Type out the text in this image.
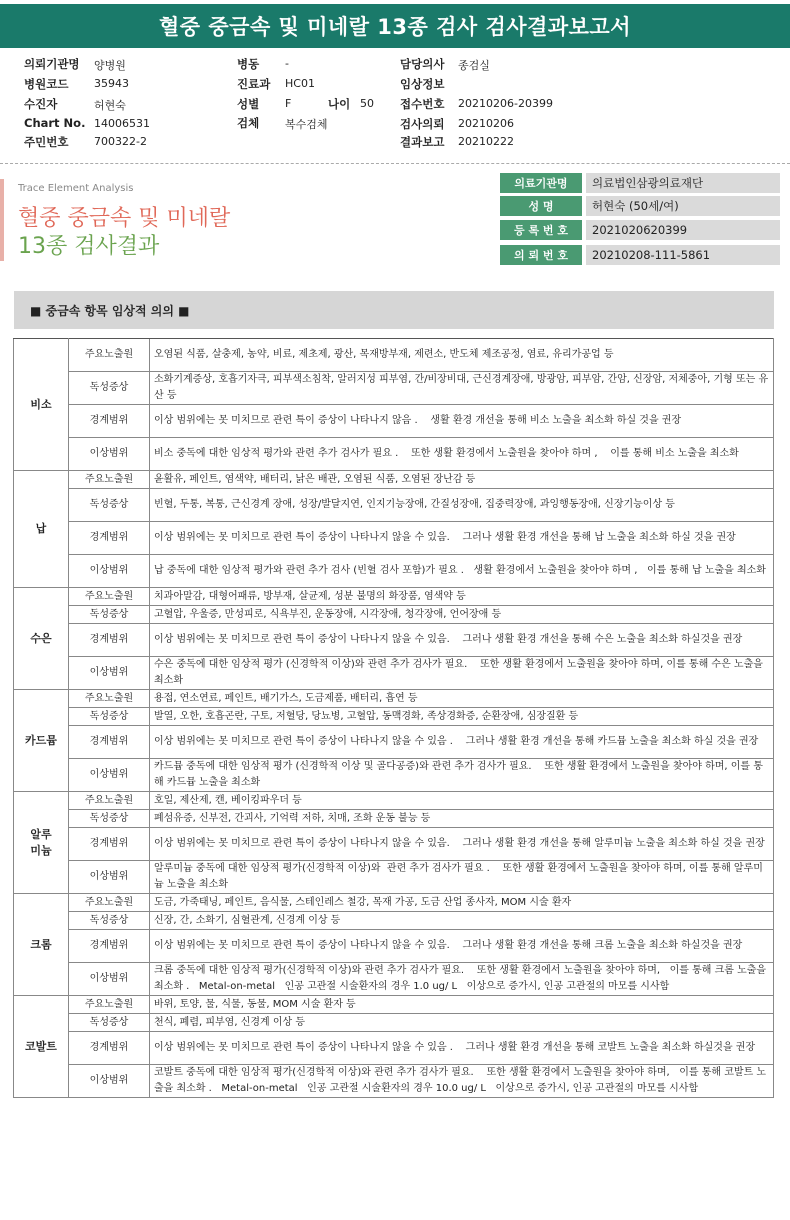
혈중 중금속 및 미네랄 13종 검사 검사결과보고서
의뢰기관명 양병원
병원코드 35943
수진자	허현숙
Chart No. 14006531
주민번호 700322-2
병동 -
진료과 HC01
성별 F	나이 50
검체 복수검체
담당의사 종검실
임상정보
접수번호 20210206-20399
검사의뢰 20210206
결과보고 20210222
Trace Element Analysis
혈중 중금속 및 미네랄
13종 검사결과
의료기관명	의료법인삼광의료재단
성 명	허현숙 (50세/여)
등 록 번 호	2021020620399
의 뢰 번 호	20210208-111-5861
■ 중금속 항목 임상적 의의 ■
비소	주요노출원	오염된 식품, 살충제, 농약, 비료, 제초제, 광산, 목재방부재, 제련소, 반도체 제조공정, 염료, 유리가공업 등
	독성증상	소화기계증상, 호흡기자극, 피부색소침착, 알러지성 피부염, 간/비장비대, 근신경계장애, 방광암, 피부암, 간암, 신장암, 저체중아, 기형 또는 유산 등
	경계범위	이상 범위에는 못 미치므로 관련 특이 증상이 나타나지 않음 .    생활 환경 개선을 통해 비소 노출을 최소화 하실 것을 권장
	이상범위	비소 중독에 대한 임상적 평가와 관련 추가 검사가 필요 .    또한 생활 환경에서 노출원을 찾아야 하며 ,    이를 통해 비소 노출을 최소화
납	주요노출원	윤활유, 페인트, 염색약, 배터리, 낡은 배관, 오염된 식품, 오염된 장난감 등
	독성증상	빈혈, 두통, 복통, 근신경계 장애, 성장/발달지연, 인지기능장애, 간질성장애, 집중력장애, 과잉행동장애, 신장기능이상 등
	경계범위	이상 범위에는 못 미치므로 관련 특이 증상이 나타나지 않을 수 있음.    그러나 생활 환경 개선을 통해 납 노출을 최소화 하실 것을 권장
	이상범위	납 중독에 대한 임상적 평가와 관련 추가 검사 (빈혈 검사 포함)가 필요 .   생활 환경에서 노출원을 찾아야 하며 ,   이를 통해 납 노출을 최소화
수은	주요노출원	치과아말감, 대형어패류, 방부재, 살균제, 성분 불명의 화장품, 염색약 등
	독성증상	고혈압, 우울증, 만성피로, 식욕부진, 운동장애, 시각장애, 청각장애, 언어장애 등
	경계범위	이상 범위에는 못 미치므로 관련 특이 증상이 나타나지 않을 수 있음.    그러나 생활 환경 개선을 통해 수은 노출을 최소화 하실것을 권장
	이상범위	수은 중독에 대한 임상적 평가 (신경학적 이상)와 관련 추가 검사가 필요.    또한 생활 환경에서 노출원을 찾아야 하며, 이를 통해 수은 노출을 최소화
카드뮴	주요노출원	용접, 연소연료, 페인트, 배기가스, 도금제품, 배터리, 흡연 등
	독성증상	발열, 오한, 호흡곤란, 구토, 저혈당, 당뇨병, 고혈압, 동맥경화, 족상경화증, 순환장애, 심장질환 등
	경계범위	이상 범위에는 못 미치므로 관련 특이 증상이 나타나지 않을 수 있음 .    그러나 생활 환경 개선을 통해 카드뮴 노출을 최소화 하실 것을 권장
	이상범위	카드뮴 중독에 대한 임상적 평가 (신경학적 이상 및 골다공증)와 관련 추가 검사가 필요.    또한 생활 환경에서 노출원을 찾아야 하며, 이를 통해 카드뮴 노출을 최소화
알루
미늄	주요노출원	호일, 제산제, 캔, 베이킹파우더 등
	독성증상	폐섬유증, 신부전, 간괴사, 기억력 저하, 치매, 조화 운동 불능 등
	경계범위	이상 범위에는 못 미치므로 관련 특이 증상이 나타나지 않을 수 있음.    그러나 생활 환경 개선을 통해 알루미늄 노출을 최소화 하실 것을 권장
	이상범위	알루미늄 중독에 대한 임상적 평가(신경학적 이상)와  관련 추가 검사가 필요 .    또한 생활 환경에서 노출원을 찾아야 하며, 이를 통해 알루미늄 노출을 최소화
크롬	주요노출원	도금, 가죽태닝, 페인트, 음식물, 스테인레스 철강, 목재 가공, 도금 산업 종사자, MOM 시술 환자
	독성증상	신장, 간, 소화기, 심혈관계, 신경계 이상 등
	경계범위	이상 범위에는 못 미치므로 관련 특이 증상이 나타나지 않을 수 있음.    그러나 생활 환경 개선을 통해 크롬 노출을 최소화 하실것을 권장
	이상범위	크롬 중독에 대한 임상적 평가(신경학적 이상)와 관련 추가 검사가 필요.    또한 생활 환경에서 노출원을 찾아야 하며,   이를 통해 크롬 노출을 최소화 .   Metal-on-metal   인공 고관절 시술환자의 경우 1.0 ug/ L   이상으로 증가시, 인공 고관절의 마모를 시사함
코발트	주요노출원	바위, 토양, 물, 식물, 동물, MOM 시술 환자 등
	독성증상	천식, 폐렴, 피부염, 신경계 이상 등
	경계범위	이상 범위에는 못 미치므로 관련 특이 증상이 나타나지 않을 수 있음 .    그러나 생활 환경 개선을 통해 코발트 노출을 최소화 하실것을 권장
	이상범위	코발트 중독에 대한 임상적 평가(신경학적 이상)와 관련 추가 검사가 필요.    또한 생활 환경에서 노출원을 찾아야 하며,   이를 통해 코발트 노출을 최소화 .   Metal-on-metal   인공 고관절 시술환자의 경우 10.0 ug/ L   이상으로 증가시, 인공 고관절의 마모를 시사함
